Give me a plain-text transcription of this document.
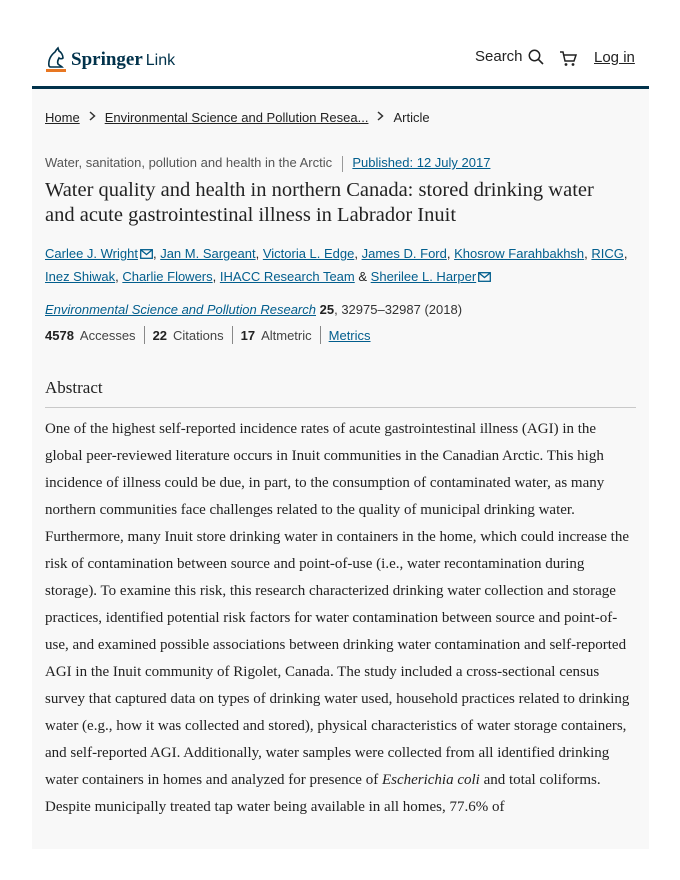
Springer Link	Search	Log in
Home Environmental Science and Pollution Resea... Article
Water, sanitation, pollution and health in the Arctic Published: 12 July 2017
Water quality and health in northern Canada: stored drinking water and acute gastrointestinal illness in Labrador Inuit
Carlee J. Wright , Jan M. Sargeant, Victoria L. Edge, James D. Ford, Khosrow Farahbakhsh, RICG, Inez Shiwak, Charlie Flowers, IHACC Research Team & Sherilee L. Harper
Environmental Science and Pollution Research 25, 32975–32987 (2018)
4578 Accesses 22 Citations 17 Altmetric Metrics
Abstract

One of the highest self-reported incidence rates of acute gastrointestinal illness (AGI) in the global peer-reviewed literature occurs in Inuit communities in the Canadian Arctic. This high incidence of illness could be due, in part, to the consumption of contaminated water, as many northern communities face challenges related to the quality of municipal drinking water. Furthermore, many Inuit store drinking water in containers in the home, which could increase the risk of contamination between source and point-of-use (i.e., water recontamination during storage). To examine this risk, this research characterized drinking water collection and storage practices, identified potential risk factors for water contamination between source and point-of-use, and examined possible associations between drinking water contamination and self-reported AGI in the Inuit community of Rigolet, Canada. The study included a cross-sectional census survey that captured data on types of drinking water used, household practices related to drinking water (e.g., how it was collected and stored), physical characteristics of water storage containers, and self-reported AGI. Additionally, water samples were collected from all identified drinking water containers in homes and analyzed for presence of Escherichia coli and total coliforms. Despite municipally treated tap water being available in all homes, 77.6% of
